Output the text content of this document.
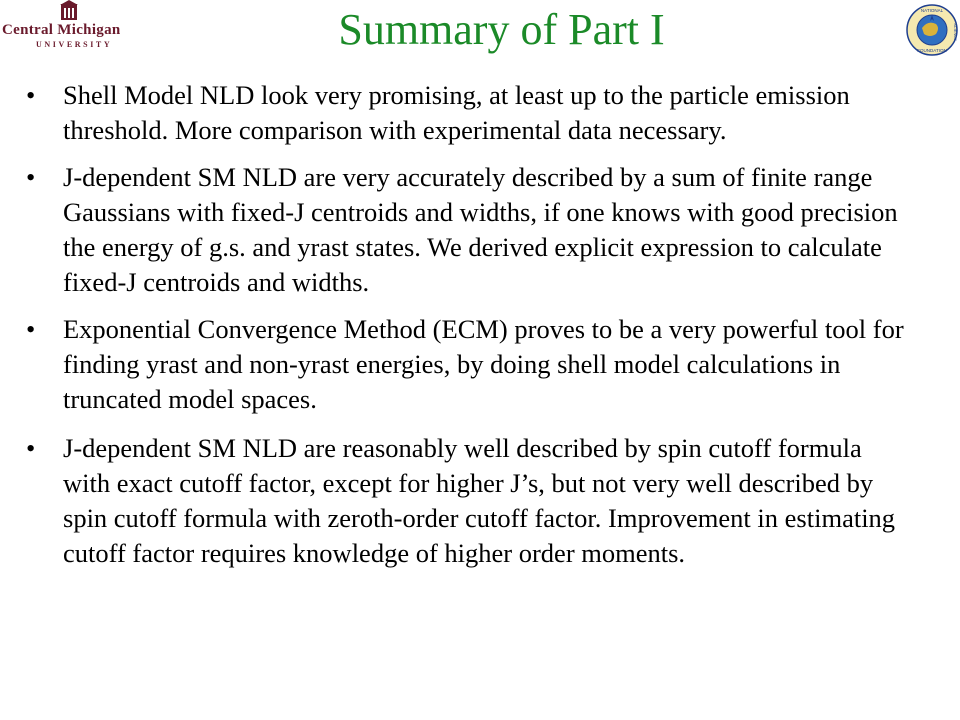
Central Michigan
UNIVERSITY	Summary of Part I	NATIONAL
FOUNDATION
SCIENCE
•	Shell Model NLD look very promising, at least up to the particle emission threshold. More comparison with experimental data necessary.
•	J-dependent SM NLD are very accurately described by a sum of finite range Gaussians with fixed-J centroids and widths, if one knows with good precision the energy of g.s. and yrast states. We derived explicit expression to calculate fixed-J centroids and widths.
•	Exponential Convergence Method (ECM) proves to be a very powerful tool for finding yrast and non-yrast energies, by doing shell model calculations in truncated model spaces.
•	J-dependent SM NLD are reasonably well described by spin cutoff formula with exact cutoff factor, except for higher J’s, but not very well described by spin cutoff formula with zeroth-order cutoff factor. Improvement in estimating cutoff factor requires knowledge of higher order moments.
